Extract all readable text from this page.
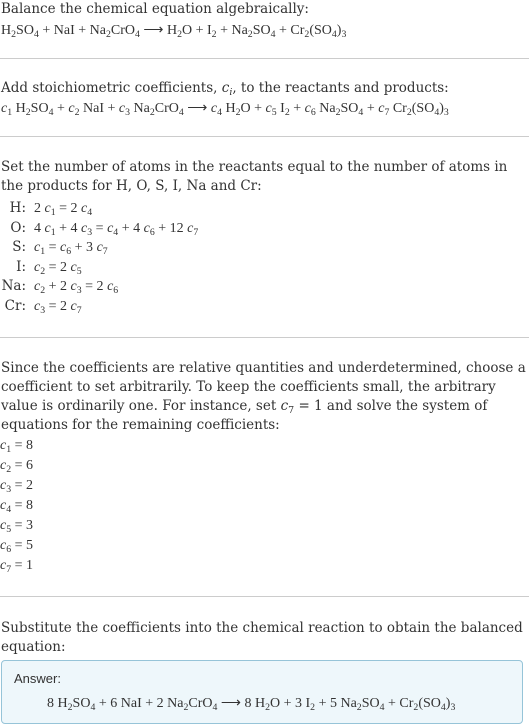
Balance the chemical equation algebraically:
$H_2SO_4$ + NaI + $Na_2CrO_4$ ⟶ $H_2O + I_2 + Na_2SO_4 + Cr_2(SO_4)_3$
Add stoichiometric coefficients, $c_i$, to the reactants and products:
$c_1$ $H_2SO_4 + c_2$ NaI + $c_3$ $Na_2CrO_4$ ⟶ $c_4$ $H_2O + c_5$ $I_2 + c_6$ $Na_2SO_4 + c_7$ $Cr_2(SO_4)_3$
Set the number of atoms in the reactants equal to the number of atoms in the products for H, O, S, I, Na and Cr:
H: 2 $c_1 = 2$ $c_4$
O: 4 $c_1 + 4$ $c_3 = c_4 + 4$ $c_6 + 12$ $c_7$
S: $c_1 = c_6 + 3$ $c_7$
I: $c_2 = 2$ $c_5$
Na: $c_2 + 2$ $c_3 = 2$ $c_6$
Cr: $c_3 = 2$ $c_7$
Since the coefficients are relative quantities and underdetermined, choose a coefficient to set arbitrarily. To keep the coefficients small, the arbitrary value is ordinarily one. For instance, set $c_7 = 1$ and solve the system of equations for the remaining coefficients:
$c_1 = 8$
$c_2 = 6$
$c_3 = 2$
$c_4 = 8$
$c_5 = 3$
$c_6 = 5$
$c_7 = 1$
Substitute the coefficients into the chemical reaction to obtain the balanced equation:
Answer:
8 $H_2SO_4 + 6$ NaI + 2 $Na_2CrO_4$ ⟶ 8 $H_2O + 3$ $I_2 + 5$ $Na_2SO_4 + Cr_2(SO_4)_3$
